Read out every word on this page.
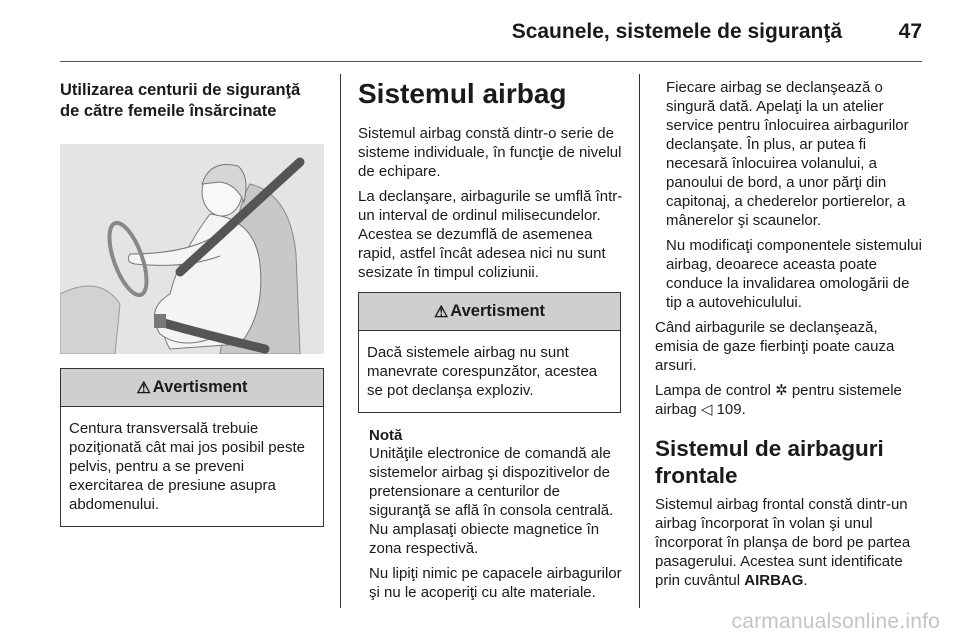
Scaunele, sistemele de siguranţă	47
Utilizarea centurii de siguranţă de către femeile însărcinate
⚠ Avertisment
Centura transversală trebuie poziţionată cât mai jos posibil peste pelvis, pentru a se preveni exercitarea de presiune asupra abdomenului.
Sistemul airbag

Sistemul airbag constă dintr-o serie de sisteme individuale, în funcţie de nivelul de echipare.

La declanşare, airbagurile se umflă într-un interval de ordinul milisecundelor. Acestea se dezumflă de asemenea rapid, astfel încât adesea nici nu sunt sesizate în timpul coliziunii.

⚠ Avertisment
Dacă sistemele airbag nu sunt manevrate corespunzător, acestea se pot declanşa exploziv.
Notă

Unităţile electronice de comandă ale sistemelor airbag şi dispozitivelor de pretensionare a centurilor de siguranţă se află în consola centrală. Nu amplasaţi obiecte magnetice în zona respectivă.

Nu lipiţi nimic pe capacele airbagurilor şi nu le acoperiţi cu alte materiale.

Fiecare airbag se declanşează o singură dată. Apelaţi la un atelier service pentru înlocuirea airbagurilor declanşate. În plus, ar putea fi necesară înlocuirea volanului, a panoului de bord, a unor părţi din capitonaj, a chederelor portierelor, a mânerelor şi scaunelor.

Nu modificaţi componentele sistemului airbag, deoarece aceasta poate conduce la invalidarea omologării de tip a autovehiculului.

Când airbagurile se declanşează, emisia de gaze fierbinţi poate cauza arsuri.

Lampa de control ✲ pentru sistemele airbag ◁ 109.

Sistemul de airbaguri frontale

Sistemul airbag frontal constă dintr-un airbag încorporat în volan şi unul încorporat în planşa de bord pe partea pasagerului. Acestea sunt identificate prin cuvântul AIRBAG.

carmanualsonline.info
